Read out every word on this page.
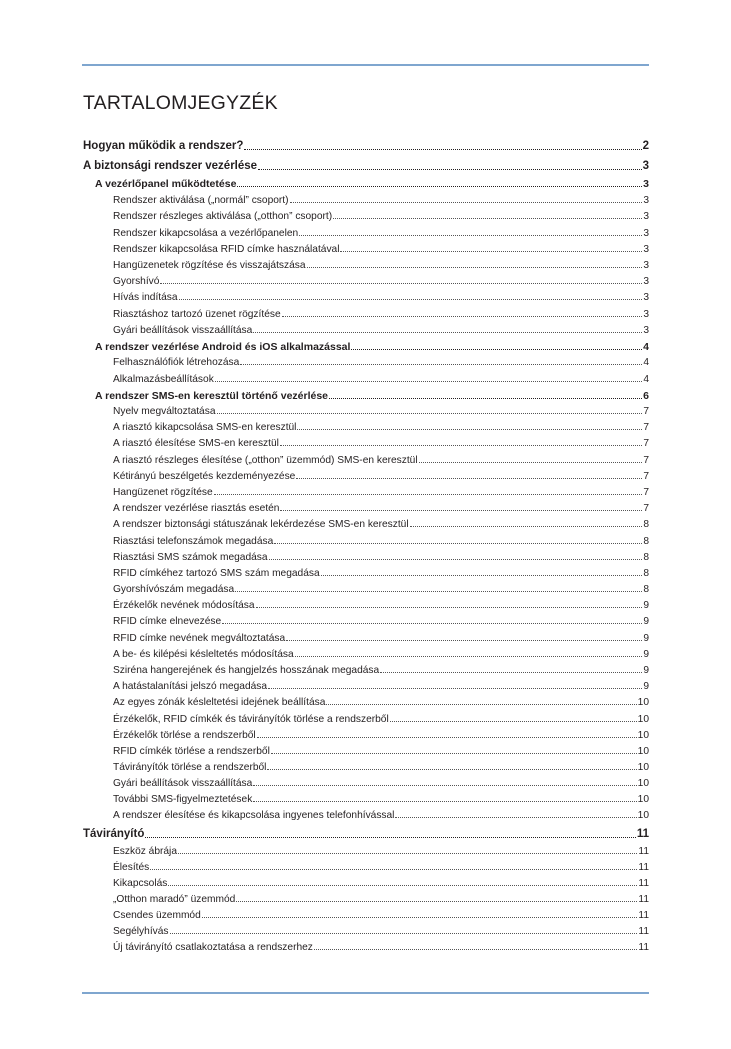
TARTALOMJEGYZÉK
Hogyan működik a rendszer?	2
A biztonsági rendszer vezérlése	3
A vezérlőpanel működtetése	3
Rendszer aktiválása („normál” csoport)	3
Rendszer részleges aktiválása („otthon” csoport)	3
Rendszer kikapcsolása a vezérlőpanelen	3
Rendszer kikapcsolása RFID címke használatával	3
Hangüzenetek rögzítése és visszajátszása	3
Gyorshívó	3
Hívás indítása	3
Riasztáshoz tartozó üzenet rögzítése	3
Gyári beállítások visszaállítása	3
A rendszer vezérlése Android és iOS alkalmazással	4
Felhasználófiók létrehozása	4
Alkalmazásbeállítások	4
A rendszer SMS-en keresztül történő vezérlése	6
Nyelv megváltoztatása	7
A riasztó kikapcsolása SMS-en keresztül	7
A riasztó élesítése SMS-en keresztül	7
A riasztó részleges élesítése („otthon” üzemmód) SMS-en keresztül	7
Kétirányú beszélgetés kezdeményezése	7
Hangüzenet rögzítése	7
A rendszer vezérlése riasztás esetén	7
A rendszer biztonsági státuszának lekérdezése SMS-en keresztül	8
Riasztási telefonszámok megadása	8
Riasztási SMS számok megadása	8
RFID címkéhez tartozó SMS szám megadása	8
Gyorshívószám megadása	8
Érzékelők nevének módosítása	9
RFID címke elnevezése	9
RFID címke nevének megváltoztatása	9
A be- és kilépési késleltetés módosítása	9
Sziréna hangerejének és hangjelzés hosszának megadása	9
A hatástalanítási jelszó megadása	9
Az egyes zónák késleltetési idejének beállítása	10
Érzékelők, RFID címkék és távirányítók törlése a rendszerből	10
Érzékelők törlése a rendszerből	10
RFID címkék törlése a rendszerből	10
Távirányítók törlése a rendszerből	10
Gyári beállítások visszaállítása	10
További SMS-figyelmeztetések	10
A rendszer élesítése és kikapcsolása ingyenes telefonhívással	10
Távirányító	11
Eszköz ábrája	11
Élesítés	11
Kikapcsolás	11
„Otthon maradó” üzemmód	11
Csendes üzemmód	11
Segélyhívás	11
Új távirányító csatlakoztatása a rendszerhez	11
